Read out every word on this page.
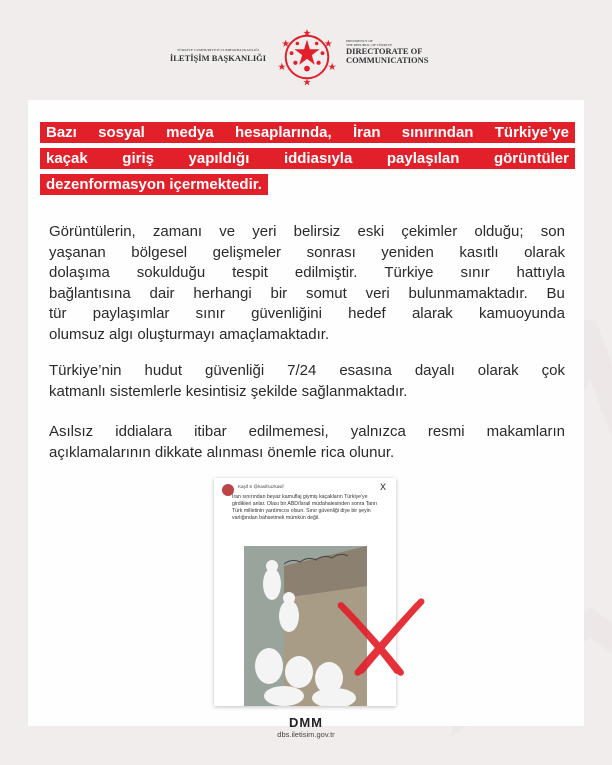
TÜRKİYE CUMHURİYETİ CUMHURBAŞKANLIĞI
İLETİŞİM BAŞKANLIĞI
PRESIDENCY OF
THE REPUBLIC OF TÜRKİYE
DIRECTORATE OF
COMMUNICATIONS
Bazı sosyal medya hesaplarında, İran sınırından Türkiye’ye
kaçak giriş yapıldığı iddiasıyla paylaşılan görüntüler
dezenformasyon içermektedir.
Görüntülerin, zamanı ve yeri belirsiz eski çekimler olduğu; son
yaşanan bölgesel gelişmeler sonrası yeniden kasıtlı olarak
dolaşıma sokulduğu tespit edilmiştir. Türkiye sınır hattıyla
bağlantısına dair herhangi bir somut veri bulunmamaktadır. Bu
tür paylaşımlar sınır güvenliğini hedef alarak kamuoyunda
olumsuz algı oluşturmayı amaçlamaktadır.
Türkiye’nin hudut güvenliği 7/24 esasına dayalı olarak çok
katmanlı sistemlerle kesintisiz şekilde sağlanmaktadır.
Asılsız iddialara itibar edilmemesi, yalnızca resmi makamların
açıklamalarının dikkate alınması önemle rica olunur.
Kaşif S @kasifsozkasif	X
İran sınırından beyaz kamuflaj giymiş kaçakların Türkiye'ye girdikleri anlar. Olası bir ABD/İsrail müdahalesinden sonra Tanrı Türk milletinin yardımcısı olsun. Sınır güvenliği diye bir şeyin varlığından bahsetmek mümkün değil.
DMM
dbs.iletisim.gov.tr
